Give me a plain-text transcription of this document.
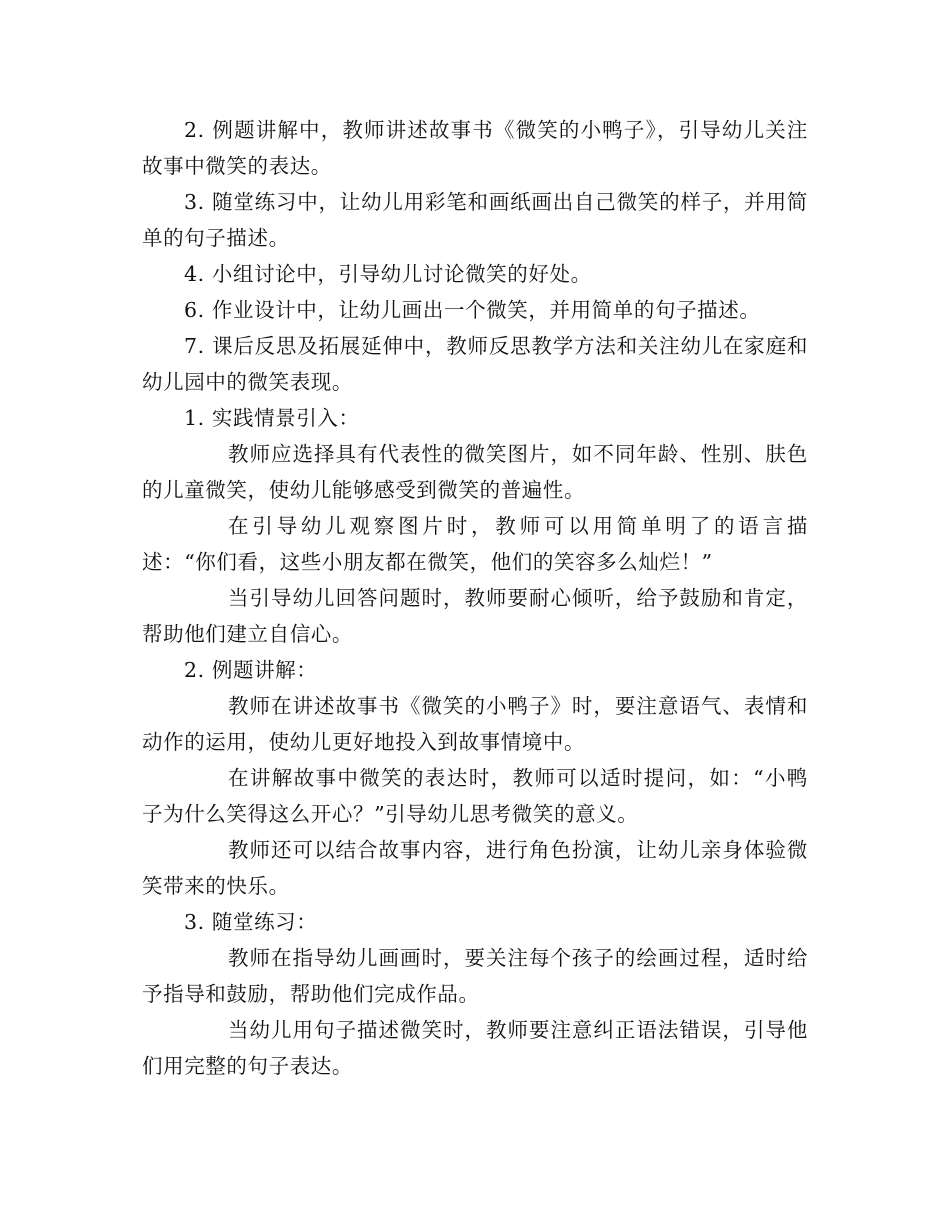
2. 例题讲解中，教师讲述故事书《微笑的小鸭子》，引导幼儿关注故事中微笑的表达。

3. 随堂练习中，让幼儿用彩笔和画纸画出自己微笑的样子，并用简单的句子描述。

4. 小组讨论中，引导幼儿讨论微笑的好处。

6. 作业设计中，让幼儿画出一个微笑，并用简单的句子描述。

7. 课后反思及拓展延伸中，教师反思教学方法和关注幼儿在家庭和幼儿园中的微笑表现。

1. 实践情景引入：

教师应选择具有代表性的微笑图片，如不同年龄、性别、肤色的儿童微笑，使幼儿能够感受到微笑的普遍性。

在引导幼儿观察图片时，教师可以用简单明了的语言描述：“你们看，这些小朋友都在微笑，他们的笑容多么灿烂！”

当引导幼儿回答问题时，教师要耐心倾听，给予鼓励和肯定，帮助他们建立自信心。

2. 例题讲解：

教师在讲述故事书《微笑的小鸭子》时，要注意语气、表情和动作的运用，使幼儿更好地投入到故事情境中。

在讲解故事中微笑的表达时，教师可以适时提问，如：“小鸭子为什么笑得这么开心？”引导幼儿思考微笑的意义。

教师还可以结合故事内容，进行角色扮演，让幼儿亲身体验微笑带来的快乐。

3. 随堂练习：

教师在指导幼儿画画时，要关注每个孩子的绘画过程，适时给予指导和鼓励，帮助他们完成作品。

当幼儿用句子描述微笑时，教师要注意纠正语法错误，引导他们用完整的句子表达。
